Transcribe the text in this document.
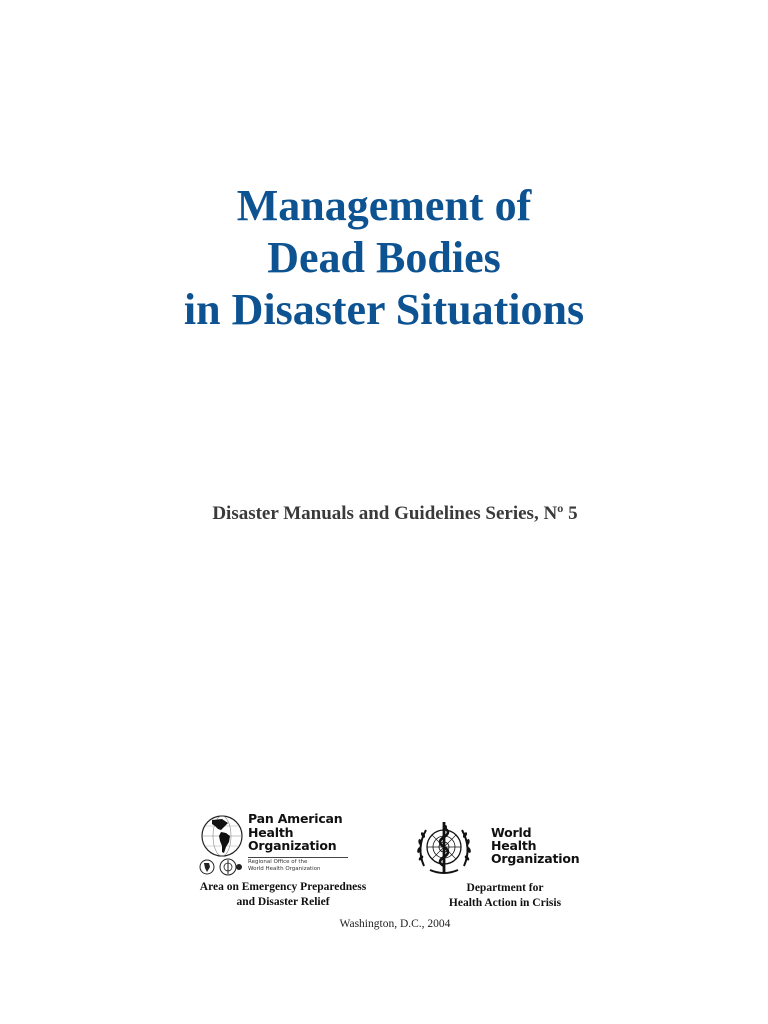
Management of
Dead Bodies
in Disaster Situations

Disaster Manuals and Guidelines Series, Nº 5

Pan American
Health
Organization
Regional Office of the
World Health Organization
World
Health
Organization
Area on Emergency Preparedness
and Disaster Relief
Department for
Health Action in Crisis
Washington, D.C., 2004
